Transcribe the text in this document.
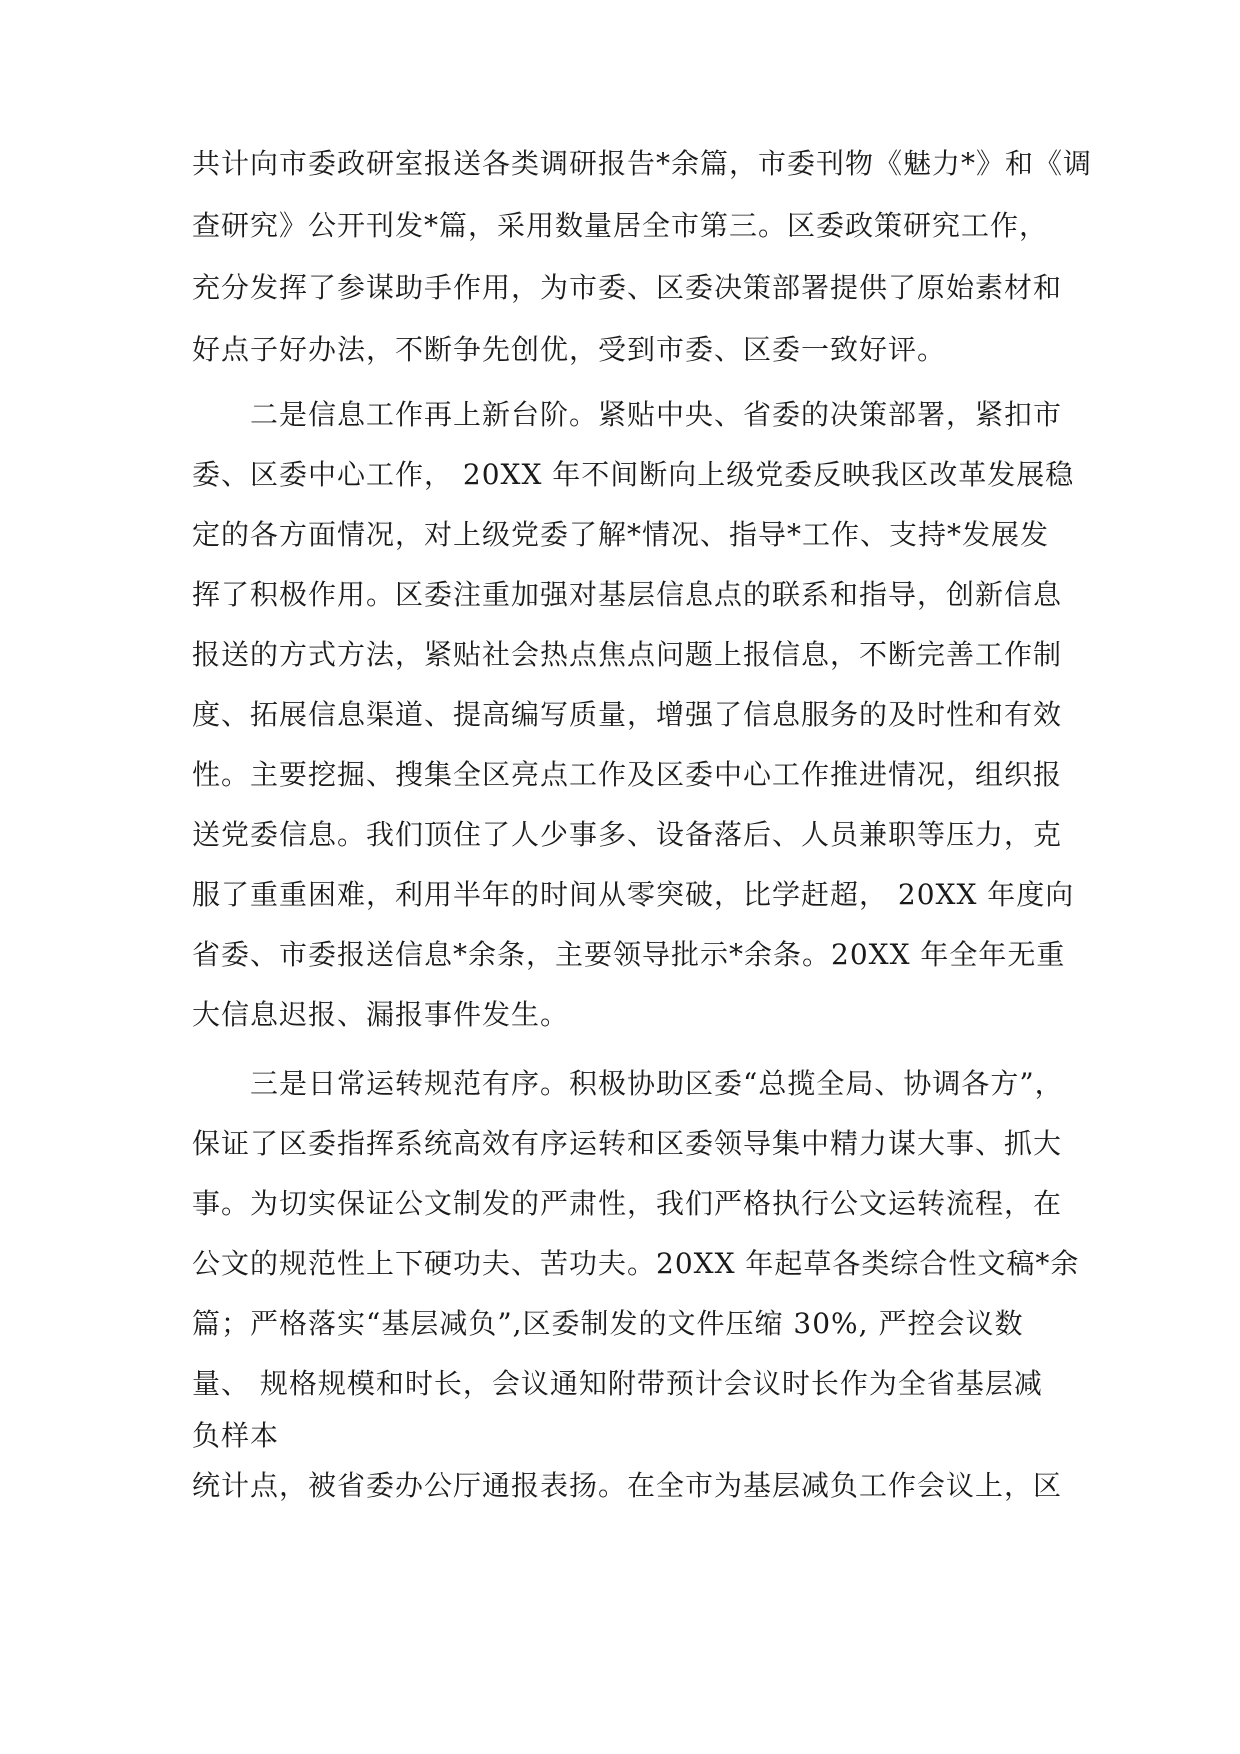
共计向市委政研室报送各类调研报告*余篇，市委刊物《魅力*》和《调
查研究》公开刊发*篇，采用数量居全市第三。区委政策研究工作，
充分发挥了参谋助手作用，为市委、区委决策部署提供了原始素材和
好点子好办法，不断争先创优，受到市委、区委一致好评。
二是信息工作再上新台阶。紧贴中央、省委的决策部署，紧扣市
委、区委中心工作， 20XX 年不间断向上级党委反映我区改革发展稳
定的各方面情况，对上级党委了解*情况、指导*工作、支持*发展发
挥了积极作用。区委注重加强对基层信息点的联系和指导，创新信息
报送的方式方法，紧贴社会热点焦点问题上报信息，不断完善工作制
度、拓展信息渠道、提高编写质量，增强了信息服务的及时性和有效
性。主要挖掘、搜集全区亮点工作及区委中心工作推进情况，组织报
送党委信息。我们顶住了人少事多、设备落后、人员兼职等压力，克
服了重重困难，利用半年的时间从零突破，比学赶超， 20XX 年度向
省委、市委报送信息*余条，主要领导批示*余条。20XX 年全年无重
大信息迟报、漏报事件发生。
三是日常运转规范有序。积极协助区委“总揽全局、协调各方”，
保证了区委指挥系统高效有序运转和区委领导集中精力谋大事、抓大
事。为切实保证公文制发的严肃性，我们严格执行公文运转流程，在
公文的规范性上下硬功夫、苦功夫。20XX 年起草各类综合性文稿*余
篇；严格落实“基层减负”,区委制发的文件压缩 30%, 严控会议数
量、 规格规模和时长，会议通知附带预计会议时长作为全省基层减
负样本
统计点，被省委办公厅通报表扬。在全市为基层减负工作会议上，区
